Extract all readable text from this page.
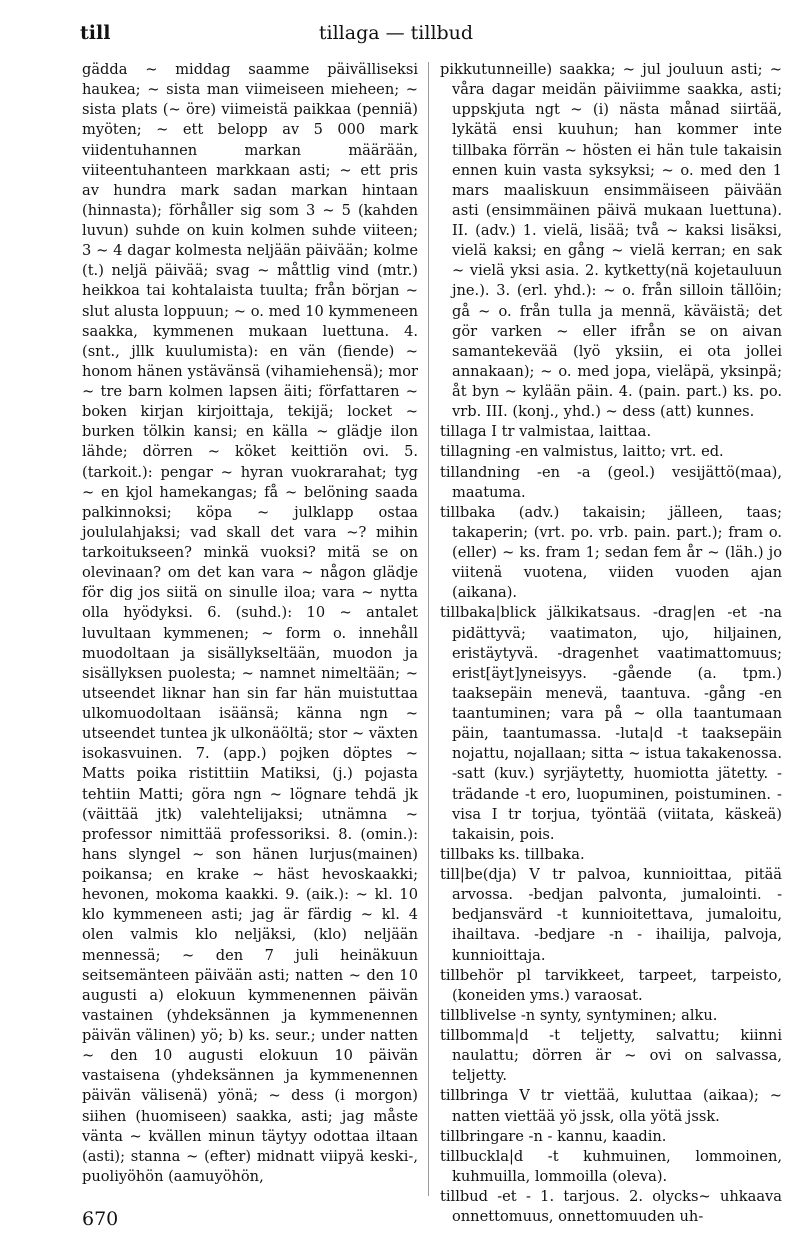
till	tillaga — tillbud

gädda ~ middag saamme päivälliseksi haukea; ~ sista man viimeiseen mieheen; ~ sista plats (~ öre) viimeistä paikkaa (penniä) myöten; ~ ett belopp av 5 000 mark viidentuhannen markan määrään, viiteentuhanteen markkaan asti; ~ ett pris av hundra mark sadan markan hintaan (hinnasta); förhåller sig som 3 ~ 5 (kahden luvun) suhde on kuin kolmen suhde viiteen; 3 ~ 4 dagar kolmesta neljään päivään; kolme (t.) neljä päivää; svag ~ måttlig vind (mtr.) heikkoa tai kohtalaista tuulta; från början ~ slut alusta loppuun; ~ o. med 10 kymmeneen saakka, kymmenen mukaan luettuna. 4. (snt., jllk kuulumista): en vän (fiende) ~ honom hänen ystävänsä (vihamiehensä); mor ~ tre barn kolmen lapsen äiti; författaren ~ boken kirjan kirjoittaja, tekijä; locket ~ burken tölkin kansi; en källa ~ glädje ilon lähde; dörren ~ köket keittiön ovi. 5. (tarkoit.): pengar ~ hyran vuokrarahat; tyg ~ en kjol hamekangas; få ~ belöning saada palkinnoksi; köpa ~ julklapp ostaa joululahjaksi; vad skall det vara ~? mihin tarkoitukseen? minkä vuoksi? mitä se on olevinaan? om det kan vara ~ någon glädje för dig jos siitä on sinulle iloa; vara ~ nytta olla hyödyksi. 6. (suhd.): 10 ~ antalet luvultaan kymmenen; ~ form o. innehåll muodoltaan ja sisällykseltään, muodon ja sisällyksen puolesta; ~ namnet nimeltään; ~ utseendet liknar han sin far hän muistuttaa ulkomuodoltaan isäänsä; känna ngn ~ utseendet tuntea jk ulkonäöltä; stor ~ växten isokasvuinen. 7. (app.) pojken döptes ~ Matts poika ristittiin Matiksi, (j.) pojasta tehtiin Matti; göra ngn ~ lögnare tehdä jk (väittää jtk) valehtelijaksi; utnämna ~ professor nimittää professoriksi. 8. (omin.): hans slyngel ~ son hänen lurjus(mainen) poikansa; en krake ~ häst hevoskaakki; hevonen, mokoma kaakki. 9. (aik.): ~ kl. 10 klo kymmeneen asti; jag är färdig ~ kl. 4 olen valmis klo neljäksi, (klo) neljään mennessä; ~ den 7 juli heinäkuun seitsemänteen päivään asti; natten ~ den 10 augusti a) elokuun kymmenennen päivän vastainen (yhdeksännen ja kymmenennen päivän välinen) yö; b) ks. seur.; under natten ~ den 10 augusti elokuun 10 päivän vastaisena (yhdeksännen ja kymmenennen päivän välisenä) yönä; ~ dess (i morgon) siihen (huomiseen) saakka, asti; jag måste vänta ~ kvällen minun täytyy odottaa iltaan (asti); stanna ~ (efter) midnatt viipyä keski-, puoliyöhön (aamuyöhön,

pikkutunneille) saakka; ~ jul jouluun asti; ~ våra dagar meidän päiviimme saakka, asti; uppskjuta ngt ~ (i) nästa månad siirtää, lykätä ensi kuuhun; han kommer inte tillbaka förrän ~ hösten ei hän tule takaisin ennen kuin vasta syksyksi; ~ o. med den 1 mars maaliskuun ensimmäiseen päivään asti (ensimmäinen päivä mukaan luettuna). II. (adv.) 1. vielä, lisää; två ~ kaksi lisäksi, vielä kaksi; en gång ~ vielä kerran; en sak ~ vielä yksi asia. 2. kytketty(nä kojetauluun jne.). 3. (erl. yhd.): ~ o. från silloin tällöin; gå ~ o. från tulla ja mennä, käväistä; det gör varken ~ eller ifrån se on aivan samantekevää (lyö yksiin, ei ota jollei annakaan); ~ o. med jopa, vieläpä, yksinpä; åt byn ~ kylään päin. 4. (pain. part.) ks. po. vrb. III. (konj., yhd.) ~ dess (att) kunnes.

tillaga I tr valmistaa, laittaa.

tillagning -en valmistus, laitto; vrt. ed.

tillandning -en -a (geol.) vesijättö(maa), maatuma.

tillbaka (adv.) takaisin; jälleen, taas; takaperin; (vrt. po. vrb. pain. part.); fram o. (eller) ~ ks. fram 1; sedan fem år ~ (läh.) jo viitenä vuotena, viiden vuoden ajan (aikana).

tillbaka|blick jälkikatsaus. -drag|en -et -na pidättyvä; vaatimaton, ujo, hiljainen, eristäytyvä. -dragenhet vaatimattomuus; erist[äyt]yneisyys. -gående (a. tpm.) taaksepäin menevä, taantuva. -gång -en taantuminen; vara på ~ olla taantumaan päin, taantumassa. -luta|d -t taaksepäin nojattu, nojallaan; sitta ~ istua takakenossa. -satt (kuv.) syrjäytetty, huomiotta jätetty. -trädande -t ero, luopuminen, poistuminen. -visa I tr torjua, työntää (viitata, käskeä) takaisin, pois.

tillbaks ks. tillbaka.

till|be(dja) V tr palvoa, kunnioittaa, pitää arvossa. -bedjan palvonta, jumalointi. -bedjansvärd -t kunnioitettava, jumaloitu, ihailtava. -bedjare -n - ihailija, palvoja, kunnioittaja.

tillbehör pl tarvikkeet, tarpeet, tarpeisto, (koneiden yms.) varaosat.

tillblivelse -n synty, syntyminen; alku.

tillbomma|d -t teljetty, salvattu; kiinni naulattu; dörren är ~ ovi on salvassa, teljetty.

tillbringa V tr viettää, kuluttaa (aikaa); ~ natten viettää yö jssk, olla yötä jssk.

tillbringare -n - kannu, kaadin.

tillbuckla|d -t kuhmuinen, lommoinen, kuhmuilla, lommoilla (oleva).

tillbud -et - 1. tarjous. 2. olycks~ uhkaava onnettomuus, onnettomuuden uh-

670
